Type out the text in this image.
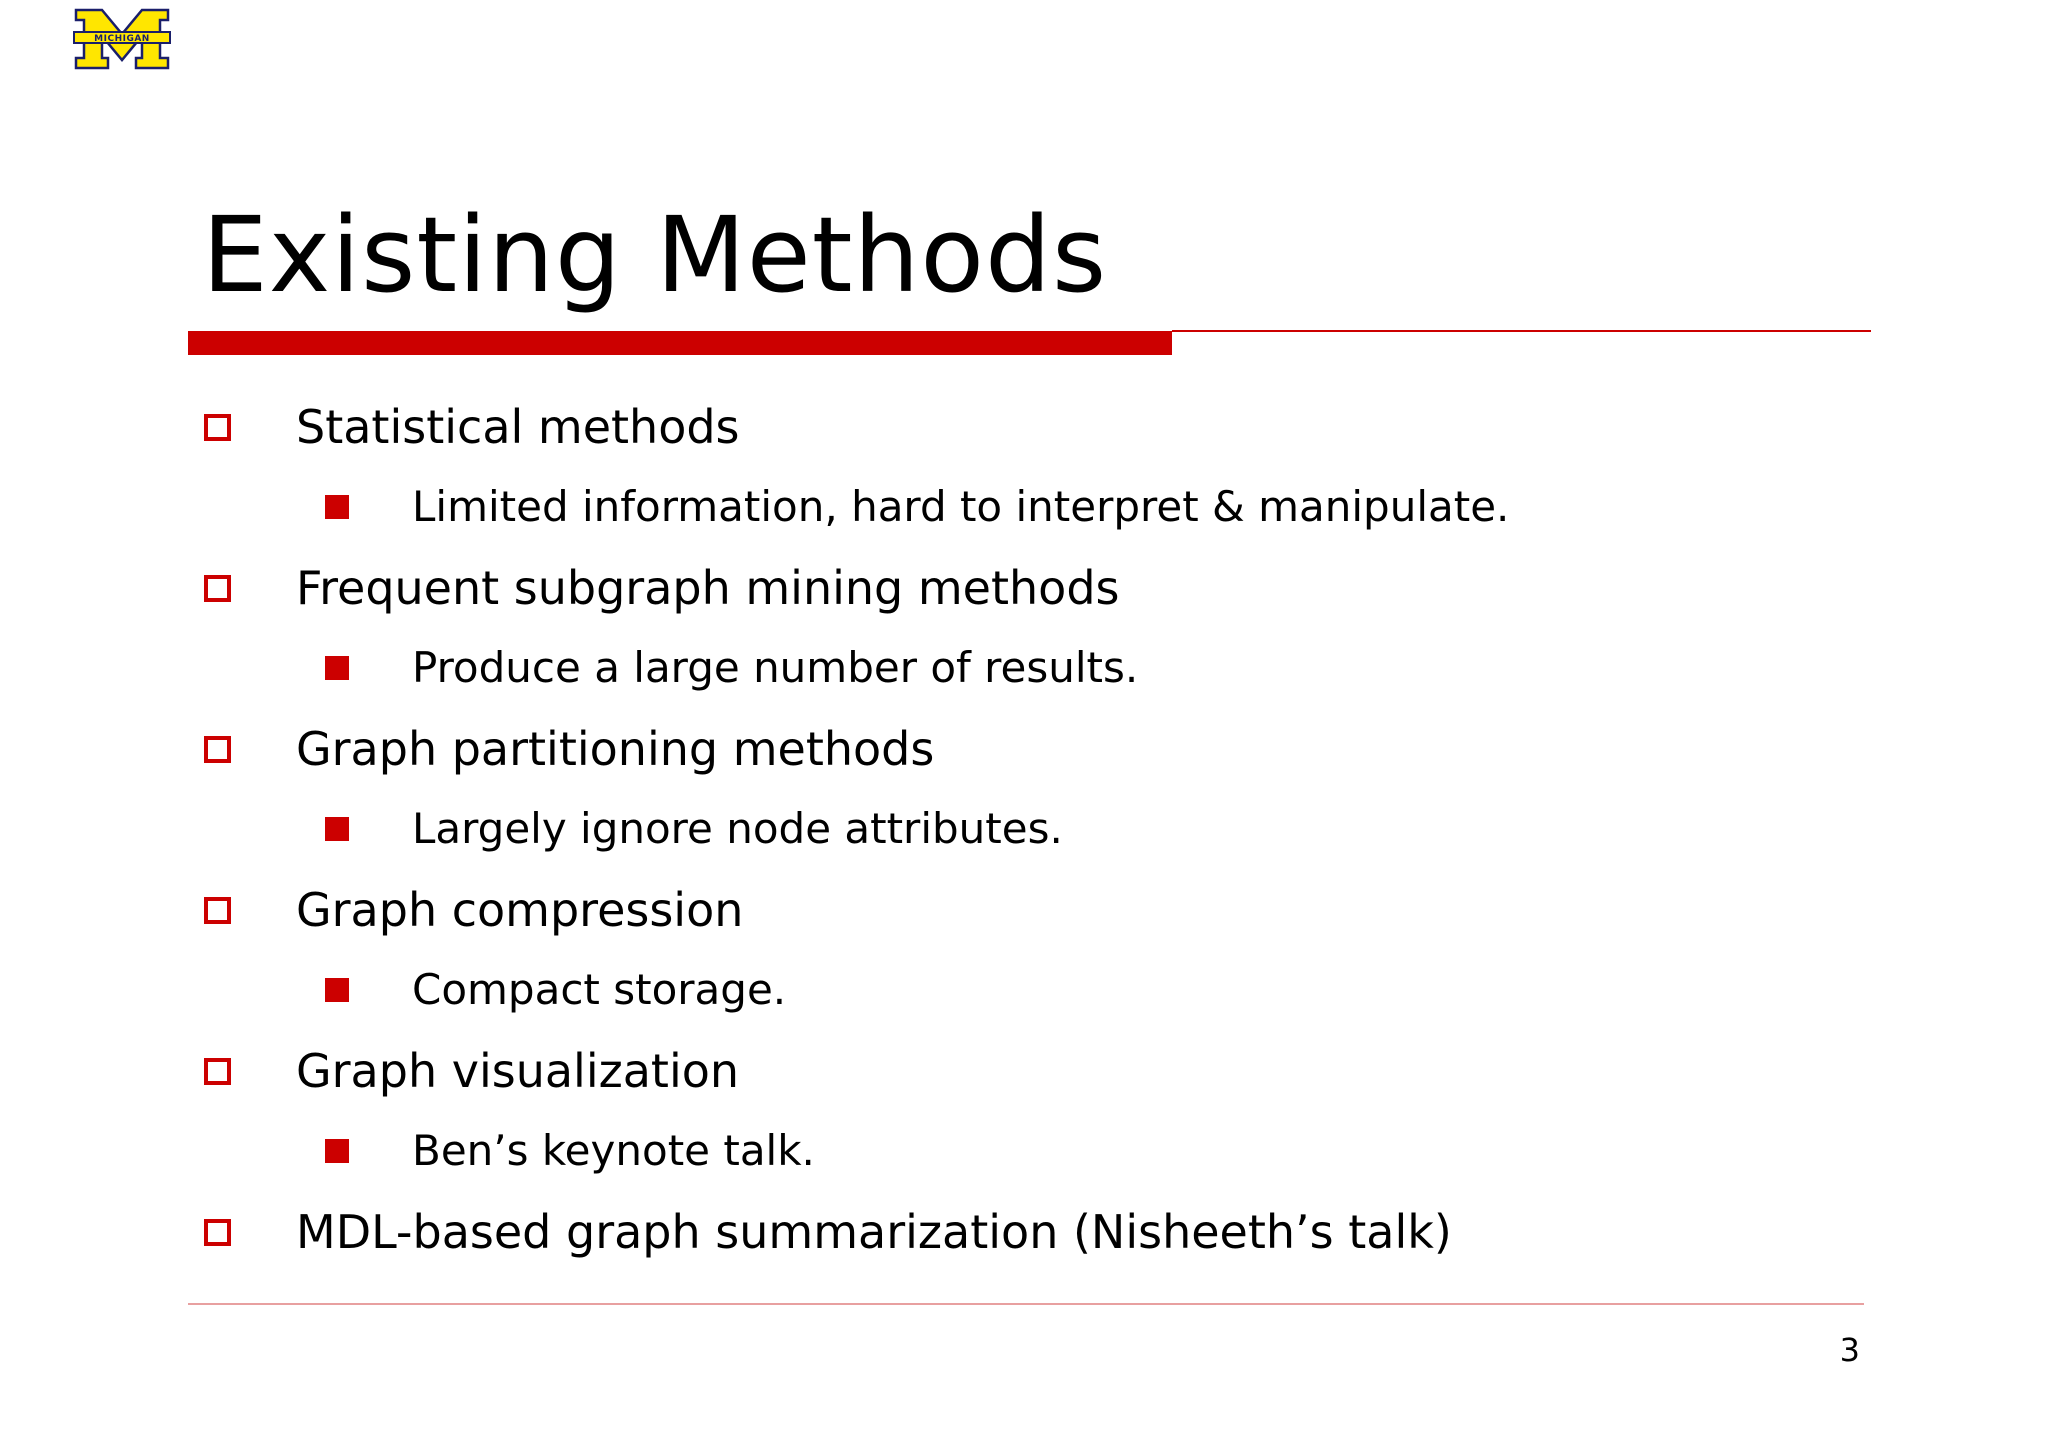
MICHIGAN
Existing Methods
Statistical methods
Limited information, hard to interpret & manipulate.
Frequent subgraph mining methods
Produce a large number of results.
Graph partitioning methods
Largely ignore node attributes.
Graph compression
Compact storage.
Graph visualization
Ben’s keynote talk.
MDL-based graph summarization (Nisheeth’s talk)
3
